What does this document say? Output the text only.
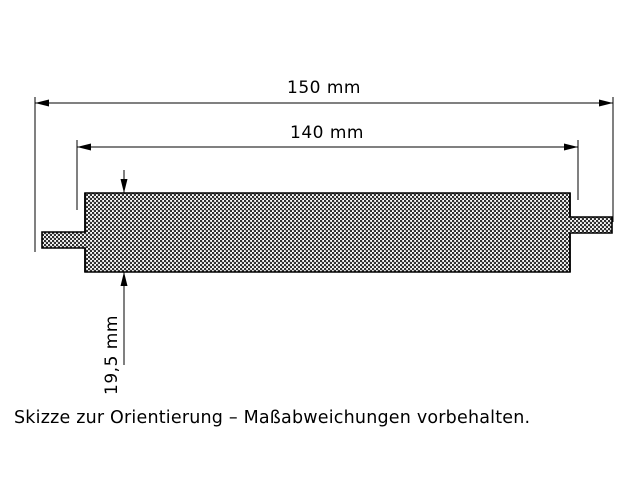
150 mm
140 mm
19,5 mm
Skizze zur Orientierung – Maßabweichungen vorbehalten.
